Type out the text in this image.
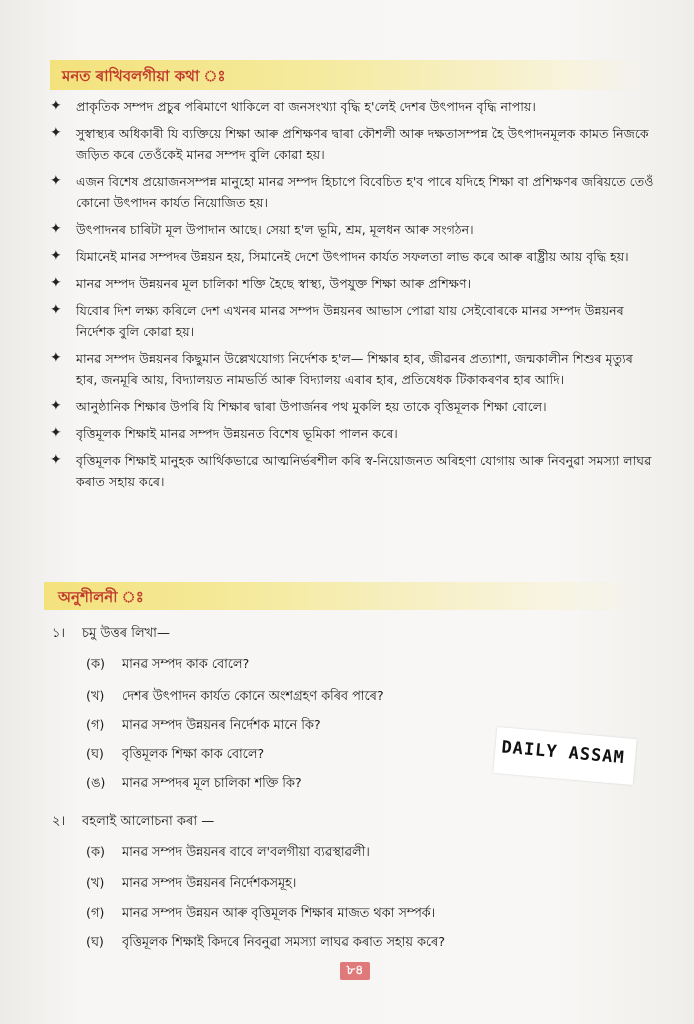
মনত ৰাখিবলগীয়া কথা ঃ
✦ প্ৰাকৃতিক সম্পদ প্ৰচুৰ পৰিমাণে থাকিলে বা জনসংখ্যা বৃদ্ধি হ'লেই দেশৰ উৎপাদন বৃদ্ধি নাপায়।
✦ সুস্বাস্থ্যৰ অধিকাৰী যি ব্যক্তিয়ে শিক্ষা আৰু প্ৰশিক্ষণৰ দ্বাৰা কৌশলী আৰু দক্ষতাসম্পন্ন হৈ উৎপাদনমূলক কামত নিজকে জড়িত কৰে তেওঁকেই মানৱ সম্পদ বুলি কোৱা হয়।
✦ এজন বিশেষ প্ৰয়োজনসম্পন্ন মানুহো মানৱ সম্পদ হিচাপে বিবেচিত হ'ব পাৰে যদিহে শিক্ষা বা প্ৰশিক্ষণৰ জৰিয়তে তেওঁ কোনো উৎপাদন কাৰ্যত নিয়োজিত হয়।
✦ উৎপাদনৰ চাৰিটা মূল উপাদান আছে। সেয়া হ'ল ভূমি, শ্ৰম, মূলধন আৰু সংগঠন।
✦ যিমানেই মানৱ সম্পদৰ উন্নয়ন হয়, সিমানেই দেশে উৎপাদন কাৰ্যত সফলতা লাভ কৰে আৰু ৰাষ্ট্ৰীয় আয় বৃদ্ধি হয়।
✦ মানৱ সম্পদ উন্নয়নৰ মূল চালিকা শক্তি হৈছে স্বাস্থ্য, উপযুক্ত শিক্ষা আৰু প্ৰশিক্ষণ।
✦ যিবোৰ দিশ লক্ষ্য কৰিলে দেশ এখনৰ মানৱ সম্পদ উন্নয়নৰ আভাস পোৱা যায় সেইবোৰকে মানৱ সম্পদ উন্নয়নৰ নিৰ্দেশক বুলি কোৱা হয়।
✦ মানৱ সম্পদ উন্নয়নৰ কিছুমান উল্লেখযোগ্য নিৰ্দেশক হ'ল— শিক্ষাৰ হাৰ, জীৱনৰ প্ৰত্যাশা, জন্মকালীন শিশুৰ মৃত্যুৰ হাৰ, জনমূৰি আয়, বিদ্যালয়ত নামভৰ্তি আৰু বিদ্যালয় এৰাৰ হাৰ, প্ৰতিষেধক টিকাকৰণৰ হাৰ আদি।
✦ আনুষ্ঠানিক শিক্ষাৰ উপৰি যি শিক্ষাৰ দ্বাৰা উপাৰ্জনৰ পথ মুকলি হয় তাকে বৃত্তিমূলক শিক্ষা বোলে।
✦ বৃত্তিমূলক শিক্ষাই মানৱ সম্পদ উন্নয়নত বিশেষ ভূমিকা পালন কৰে।
✦ বৃত্তিমূলক শিক্ষাই মানুহক আৰ্থিকভাৱে আত্মনিৰ্ভৰশীল কৰি স্ব-নিয়োজনত অৰিহণা যোগায় আৰু নিবনুৱা সমস্যা লাঘৱ কৰাত সহায় কৰে।
অনুশীলনী ঃ
১। চমু উত্তৰ লিখা—
(ক) মানৱ সম্পদ কাক বোলে?
(খ) দেশৰ উৎপাদন কাৰ্যত কোনে অংশগ্ৰহণ কৰিব পাৰে?
(গ) মানৱ সম্পদ উন্নয়নৰ নিৰ্দেশক মানে কি?
(ঘ) বৃত্তিমূলক শিক্ষা কাক বোলে?
(ঙ) মানৱ সম্পদৰ মূল চালিকা শক্তি কি?
DAILY ASSAM
২। বহলাই আলোচনা কৰা —
(ক) মানৱ সম্পদ উন্নয়নৰ বাবে ল'বলগীয়া ব্যৱস্থাৱলী।
(খ) মানৱ সম্পদ উন্নয়নৰ নিৰ্দেশকসমূহ।
(গ) মানৱ সম্পদ উন্নয়ন আৰু বৃত্তিমূলক শিক্ষাৰ মাজত থকা সম্পৰ্ক।
(ঘ) বৃত্তিমূলক শিক্ষাই কিদৰে নিবনুৱা সমস্যা লাঘৱ কৰাত সহায় কৰে?
৮৪
